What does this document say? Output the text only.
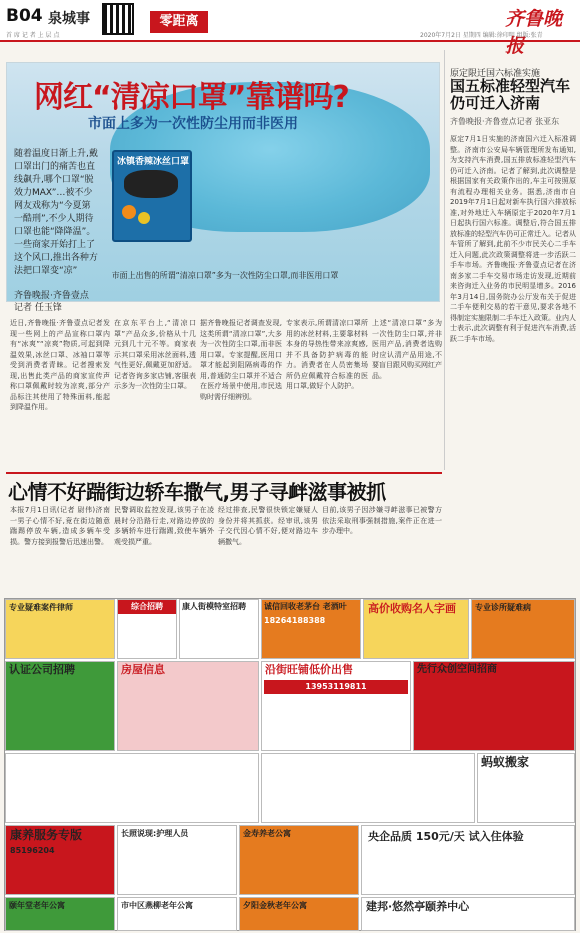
B04 泉城事	零距离	齐鲁晚报
首 席 记 者 上 层 点	2020年7月2日 星期四 编辑:徐印明 组版:张青
网红“清凉口罩”靠谱吗?
市面上多为一次性防尘用而非医用
随着温度日渐上升,戴口罩出门的痛苦也直线飙升,哪个口罩“脱效力MAX”…被不少网友戏称为“今夏第一酷刑”,不少人期待口罩也能“降降温”。一些商家开始打上了这个风口,推出各种方法把口罩变“凉”
冰镇香辣冰丝口罩
市面上出售的所谓“清凉口罩”多为一次性防尘口罩,而非医用口罩
齐鲁晚报·齐鲁壹点
记者 任玉锋
近日,齐鲁晚报·齐鲁壹点记者发现一些网上的产品宣称口罩内有“冰爽”“凉爽”物质,可起到降温效果,冰丝口罩、冰袖口罩等受到消费者青睐。记者搜索发现,出售此类产品的商家宣传声称口罩佩戴时较为凉爽,部分产品标注其使用了特殊面料,能起到降温作用。
在京东平台上,“清凉口罩”产品众多,价格从十几元到几十元不等。商家表示其口罩采用冰丝面料,透气性更好,佩戴更加舒适。记者咨询多家店铺,客服表示多为一次性防尘口罩。
据齐鲁晚报记者调查发现,这类所谓“清凉口罩”,大多为一次性防尘口罩,而非医用口罩。专家提醒,医用口罩才能起到阻隔病毒的作用,普通防尘口罩并不适合在医疗场景中使用,市民选购时需仔细辨别。
专家表示,所谓清凉口罩所用的冰丝材料,主要靠材料本身的导热性带来凉爽感,并不具备防护病毒的能力。消费者在人员密集场所仍应佩戴符合标准的医用口罩,做好个人防护。
上述“清凉口罩”多为一次性防尘口罩,并非医用产品,消费者选购时应认清产品用途,不要盲目跟风购买网红产品。
原定限迁国六标准实施
国五标准轻型汽车仍可迁入济南
齐鲁晚报·齐鲁壹点记者 张亚东
原定7月1日实施的济南国六迁入标准调整。济南市公安局车辆管理所发布通知,为支持汽车消费,国五排放标准轻型汽车仍可迁入济南。记者了解到,此次调整是根据国家有关政策作出的,车主可按照原有流程办理相关业务。据悉,济南市自2019年7月1日起对新车执行国六排放标准,对外地迁入车辆原定于2020年7月1日起执行国六标准。调整后,符合国五排放标准的轻型汽车仍可正常迁入。记者从车管所了解到,此前不少市民关心二手车迁入问题,此次政策调整将进一步活跃二手车市场。齐鲁晚报·齐鲁壹点记者在济南多家二手车交易市场走访发现,近期前来咨询迁入业务的市民明显增多。2016年3月14日,国务院办公厅发布关于促进二手车便利交易的若干意见,要求各地不得制定实施限制二手车迁入政策。业内人士表示,此次调整有利于促进汽车消费,活跃二手车市场。
心情不好踹街边轿车撒气,男子寻衅滋事被抓
本报7月1日讯(记者 尉伟)济南一男子心情不好,竟在街边随意踹踢停放车辆,造成多辆车受损。警方接到报警后迅速出警。
民警调取监控发现,该男子在凌晨时分沿路行走,对路边停放的多辆轿车进行踹踢,致使车辆外观受损严重。
经过排查,民警很快锁定嫌疑人身份并将其抓获。经审讯,该男子交代因心情不好,便对路边车辆撒气。
目前,该男子因涉嫌寻衅滋事已被警方依法采取刑事强制措施,案件正在进一步办理中。
专业疑难案件律师	综合招聘	康人街模特室招聘	诚信回收老茅台 老酒叶
18264188388
高价收购名人字画	专业诊所疑难病
认证公司招聘	房屋信息	沿街旺铺低价出售
13953119811
先行众创空间招商
蚂蚁搬家
康养服务专版
85196204
长照说现:护理人员	金寿养老公寓	央企品质 150元/天 试入住体验
颐年堂老年公寓	市中区燕柳老年公寓	夕阳金秋老年公寓	建邦·悠然亭颐养中心
